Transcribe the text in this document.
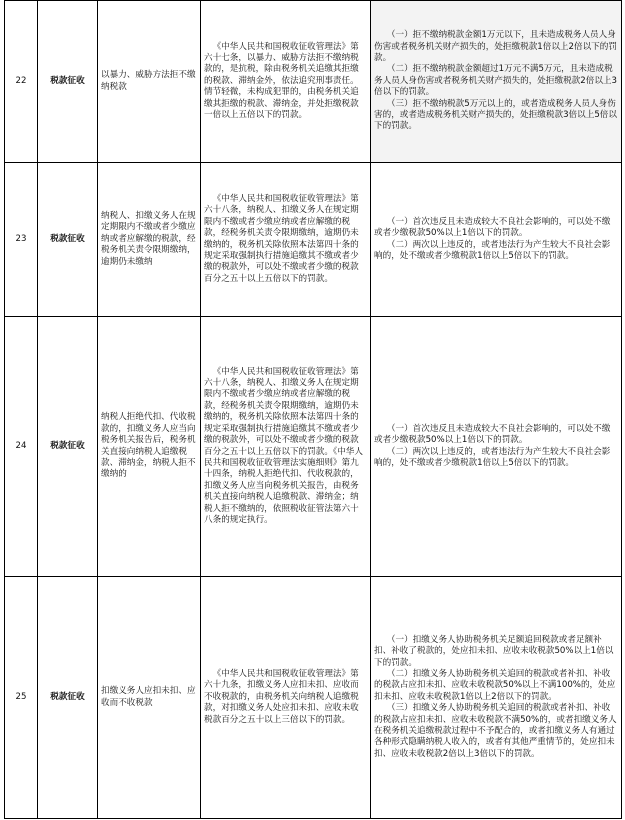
22	税款征收	以暴力、威胁方法拒不缴纳税款	《中华人民共和国税收征收管理法》第六十七条，以暴力、威胁方法拒不缴纳税款的，是抗税，除由税务机关追缴其拒缴的税款、滞纳金外，依法追究刑事责任。情节轻微，未构成犯罪的，由税务机关追缴其拒缴的税款、滞纳金，并处拒缴税款一倍以上五倍以下的罚款。	（一）拒不缴纳税款金额1万元以下，且未造成税务人员人身伤害或者税务机关财产损失的，处拒缴税款1倍以上2倍以下的罚款。
（二）拒不缴纳税款金额超过1万元不满5万元，且未造成税务人员人身伤害或者税务机关财产损失的，处拒缴税款2倍以上3倍以下的罚款。
（三）拒不缴纳税款5万元以上的，或者造成税务人员人身伤害的，或者造成税务机关财产损失的，处拒缴税款3倍以上5倍以下的罚款。

23	税款征收	纳税人、扣缴义务人在规定期限内不缴或者少缴应纳或者应解缴的税款，经税务机关责令限期缴纳，逾期仍未缴纳	《中华人民共和国税收征收管理法》第六十八条，纳税人、扣缴义务人在规定期限内不缴或者少缴应纳或者应解缴的税款，经税务机关责令限期缴纳，逾期仍未缴纳的，税务机关除依照本法第四十条的规定采取强制执行措施追缴其不缴或者少缴的税款外，可以处不缴或者少缴的税款百分之五十以上五倍以下的罚款。	（一）首次违反且未造成较大不良社会影响的，可以处不缴或者少缴税款50%以上1倍以下的罚款。
（二）两次以上违反的，或者违法行为产生较大不良社会影响的，处不缴或者少缴税款1倍以上5倍以下的罚款。

24	税款征收	纳税人拒绝代扣、代收税款的，扣缴义务人应当向税务机关报告后，税务机关直接向纳税人追缴税款、滞纳金，纳税人拒不缴纳的	《中华人民共和国税收征收管理法》第六十八条，纳税人、扣缴义务人在规定期限内不缴或者少缴应纳或者应解缴的税款，经税务机关责令限期缴纳，逾期仍未缴纳的，税务机关除依照本法第四十条的规定采取强制执行措施追缴其不缴或者少缴的税款外，可以处不缴或者少缴的税款百分之五十以上五倍以下的罚款。《中华人民共和国税收征收管理法实施细则》第九十四条，纳税人拒绝代扣、代收税款的，扣缴义务人应当向税务机关报告，由税务机关直接向纳税人追缴税款、滞纳金；纳税人拒不缴纳的，依照税收征管法第六十八条的规定执行。	（一）首次违反且未造成较大不良社会影响的，可以处不缴或者少缴税款50%以上1倍以下的罚款。
（二）两次以上违反的，或者违法行为产生较大不良社会影响的，处不缴或者少缴税款1倍以上5倍以下的罚款。

25	税款征收	扣缴义务人应扣未扣、应收而不收税款	《中华人民共和国税收征收管理法》第六十九条，扣缴义务人应扣未扣、应收而不收税款的，由税务机关向纳税人追缴税款，对扣缴义务人处应扣未扣、应收未收税款百分之五十以上三倍以下的罚款。	（一）扣缴义务人协助税务机关足额追回税款或者足额补扣、补收了税款的，处应扣未扣、应收未收税款50%以上1倍以下的罚款。
（二）扣缴义务人协助税务机关追回的税款或者补扣、补收的税款占应扣未扣、应收未收税款50%以上不满100%的，处应扣未扣、应收未收税款1倍以上2倍以下的罚款。
（三）扣缴义务人协助税务机关追回的税款或者补扣、补收的税款占应扣未扣、应收未收税款不满50%的，或者扣缴义务人在税务机关追缴税款过程中不予配合的，或者扣缴义务人有通过各种形式隐瞒纳税人收入的，或者有其他严重情节的，处应扣未扣、应收未收税款2倍以上3倍以下的罚款。
